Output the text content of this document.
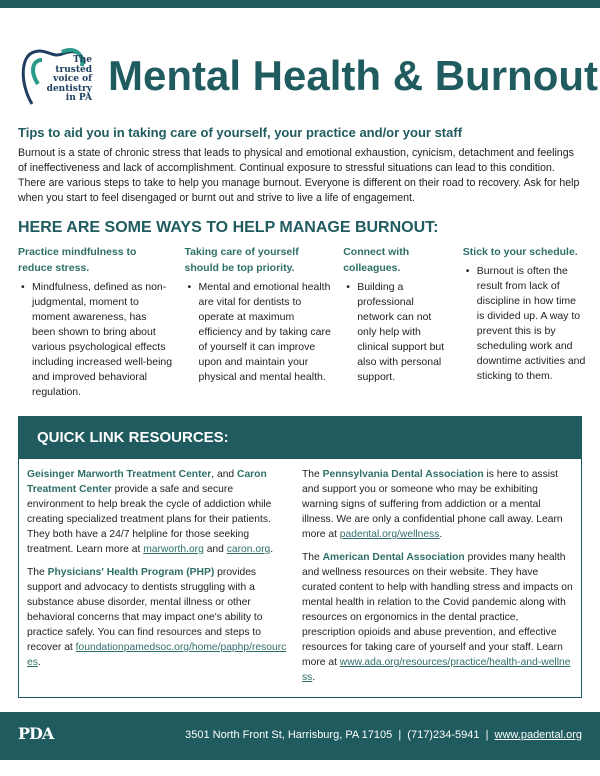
The trusted voice of dentistry in PA Mental Health & Burnout
Tips to aid you in taking care of yourself, your practice and/or your staff
Burnout is a state of chronic stress that leads to physical and emotional exhaustion, cynicism, detachment and feelings of ineffectiveness and lack of accomplishment. Continual exposure to stressful situations can lead to this condition. There are various steps to take to help you manage burnout. Everyone is different on their road to recovery. Ask for help when you start to feel disengaged or burnt out and strive to live a life of engagement.
HERE ARE SOME WAYS TO HELP MANAGE BURNOUT:
Practice mindfulness to reduce stress.
• Mindfulness, defined as non-judgmental, moment to moment awareness, has been shown to bring about various psychological effects including increased well-being and improved behavioral regulation.
Taking care of yourself should be top priority.
• Mental and emotional health are vital for dentists to operate at maximum efficiency and by taking care of yourself it can improve upon and maintain your physical and mental health.
Connect with colleagues.
• Building a professional network can not only help with clinical support but also with personal support.
Stick to your schedule.
• Burnout is often the result from lack of discipline in how time is divided up. A way to prevent this is by scheduling work and downtime activities and sticking to them.
QUICK LINK RESOURCES:

Geisinger Marworth Treatment Center, and Caron Treatment Center provide a safe and secure environment to help break the cycle of addiction while creating specialized treatment plans for their patients. They both have a 24/7 helpline for those seeking treatment. Learn more at marworth.org and caron.org.

The Physicians' Health Program (PHP) provides support and advocacy to dentists struggling with a substance abuse disorder, mental illness or other behavioral concerns that may impact one's ability to practice safely. You can find resources and steps to recover at foundationpamedsoc.org/home/paphp/resources.

The Pennsylvania Dental Association is here to assist and support you or someone who may be exhibiting warning signs of suffering from addiction or a mental illness. We are only a confidential phone call away. Learn more at padental.org/wellness.

The American Dental Association provides many health and wellness resources on their website. They have curated content to help with handling stress and impacts on mental health in relation to the Covid pandemic along with resources on ergonomics in the dental practice, prescription opioids and abuse prevention, and effective resources for taking care of yourself and your staff. Learn more at www.ada.org/resources/practice/health-and-wellness.

PDA	3501 North Front St, Harrisburg, PA 17105  |  (717)234-5941  |  www.padental.org
